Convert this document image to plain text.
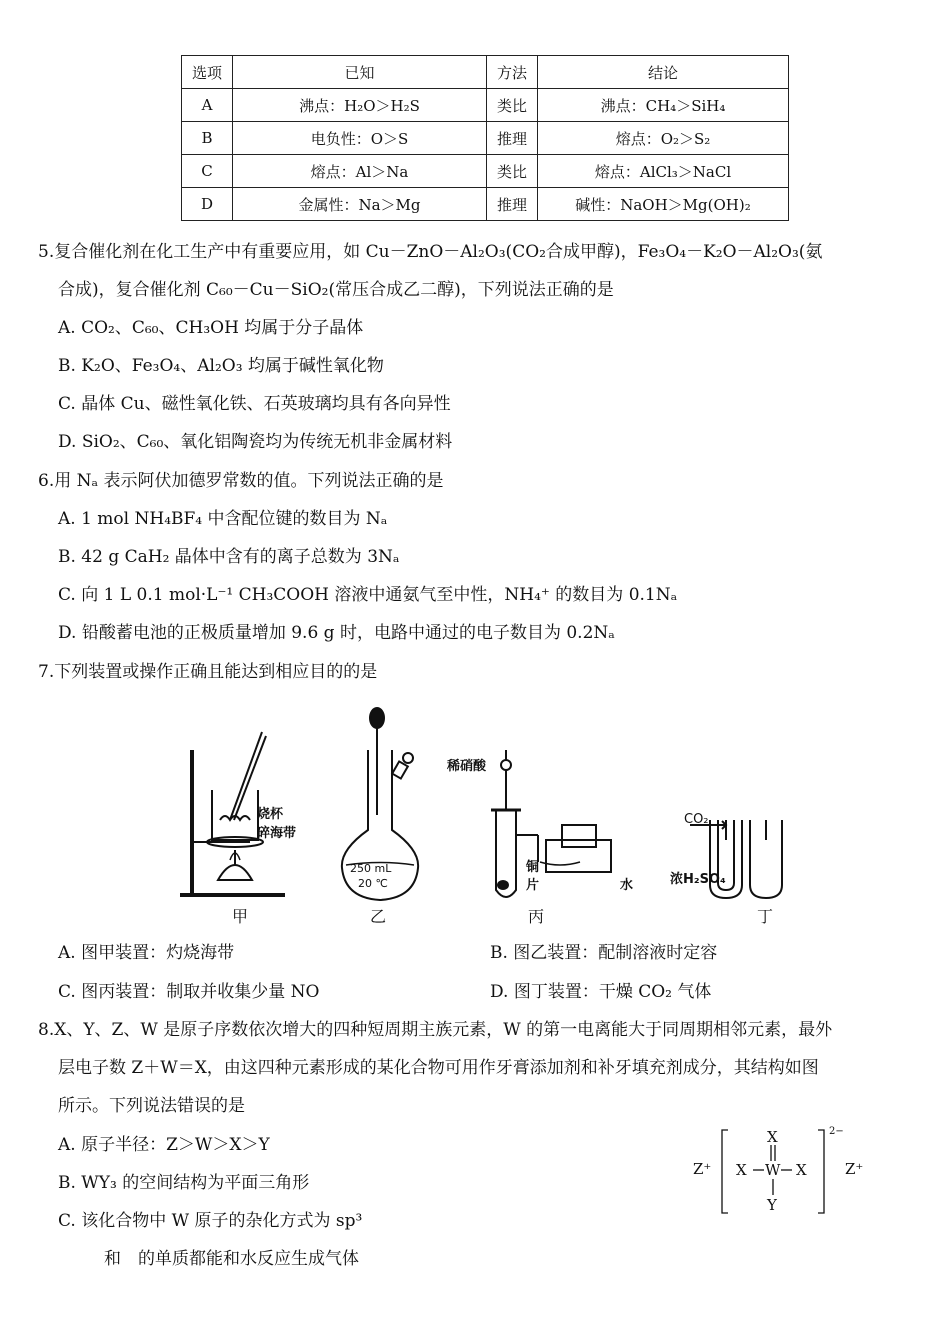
选项	已知	方法	结论
A	沸点：H₂O＞H₂S	类比	沸点：CH₄＞SiH₄
B	电负性：O＞S	推理	熔点：O₂＞S₂
C	熔点：Al＞Na	类比	熔点：AlCl₃＞NaCl
D	金属性：Na＞Mg	推理	碱性：NaOH＞Mg(OH)₂
5.复合催化剂在化工生产中有重要应用，如 Cu－ZnO－Al₂O₃(CO₂合成甲醇)，Fe₃O₄－K₂O－Al₂O₃(氨
合成)，复合催化剂 C₆₀－Cu－SiO₂(常压合成乙二醇)，下列说法正确的是
A. CO₂、C₆₀、CH₃OH 均属于分子晶体
B. K₂O、Fe₃O₄、Al₂O₃ 均属于碱性氧化物
C. 晶体 Cu、磁性氧化铁、石英玻璃均具有各向异性
D. SiO₂、C₆₀、氧化铝陶瓷均为传统无机非金属材料
6.用 Nₐ 表示阿伏加德罗常数的值。下列说法正确的是
A. 1 mol NH₄BF₄ 中含配位键的数目为 Nₐ
B. 42 g CaH₂ 晶体中含有的离子总数为 3Nₐ
C. 向 1 L 0.1 mol·L⁻¹ CH₃COOH 溶液中通氨气至中性，NH₄⁺ 的数目为 0.1Nₐ
D. 铅酸蓄电池的正极质量增加 9.6 g 时，电路中通过的电子数目为 0.2Nₐ
7.下列装置或操作正确且能达到相应目的的是
烧杯
碎海带
250 mL
20 ℃
稀硝酸
铜
片	水
CO₂
浓H₂SO₄
甲	乙	丙	丁
A. 图甲装置：灼烧海带	B. 图乙装置：配制溶液时定容
C. 图丙装置：制取并收集少量 NO	D. 图丁装置：干燥 CO₂ 气体
8.X、Y、Z、W 是原子序数依次增大的四种短周期主族元素，W 的第一电离能大于同周期相邻元素，最外
层电子数 Z＋W＝X，由这四种元素形成的某化合物可用作牙膏添加剂和补牙填充剂成分，其结构如图
所示。下列说法错误的是
A. 原子半径：Z＞W＞X＞Y
B. WY₃ 的空间结构为平面三角形
C. 该化合物中 W 原子的杂化方式为 sp³
和　的单质都能和水反应生成气体
Z⁺	Z⁺
X
X W X
Y
2−
